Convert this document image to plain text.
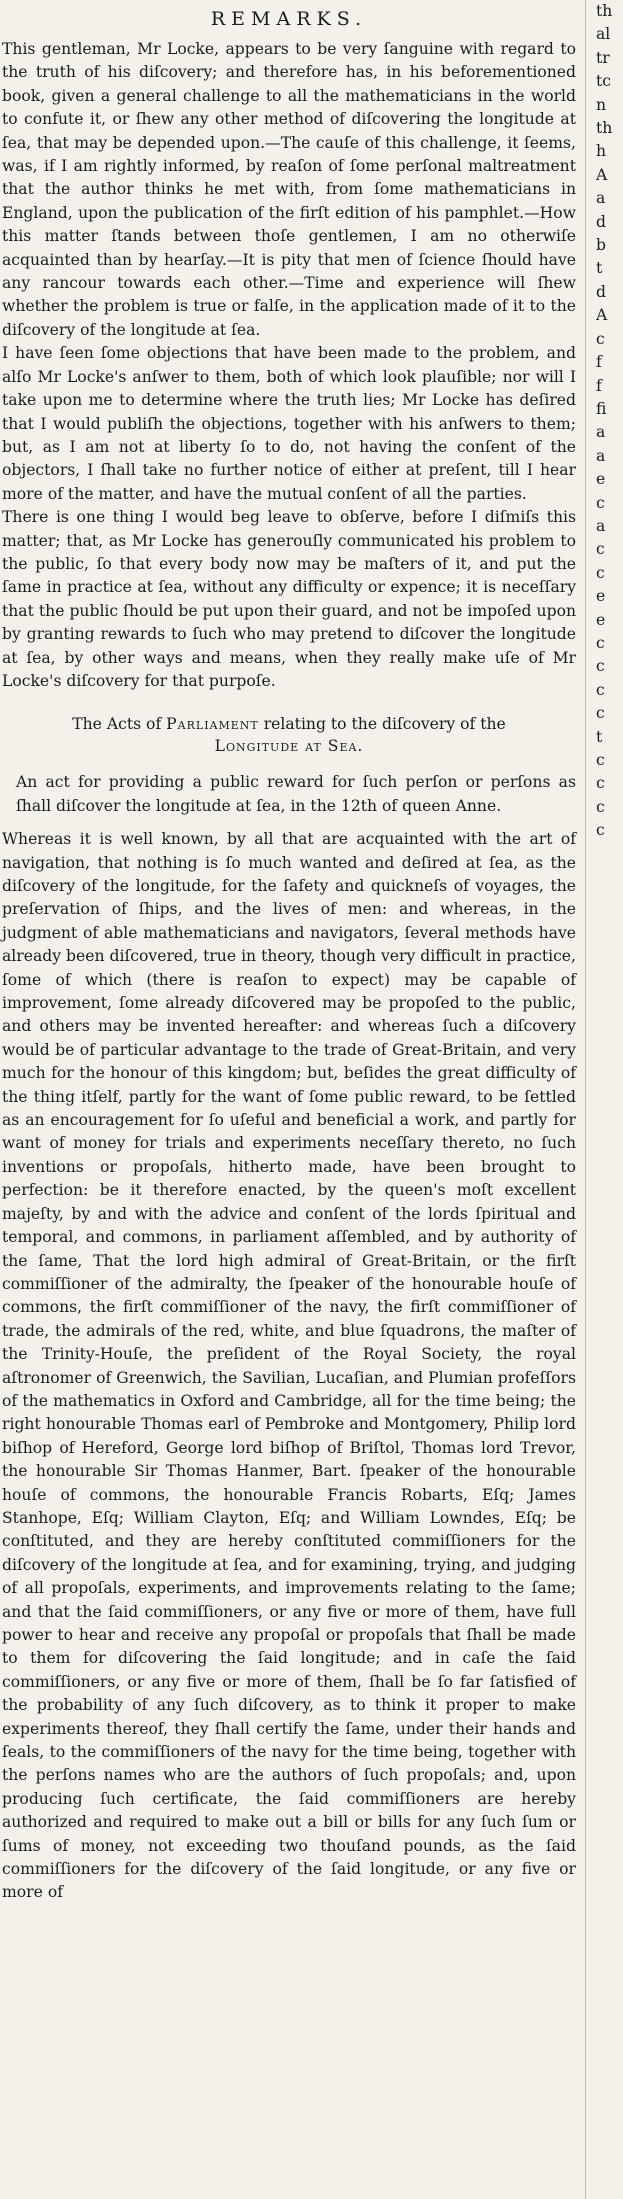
REMARKS.

This gentleman, Mr Locke, appears to be very ſanguine with regard to the truth of his diſcovery; and therefore has, in his beforementioned book, given a general challenge to all the mathematicians in the world to confute it, or ſhew any other method of diſcovering the longitude at ſea, that may be depended upon.—The cauſe of this challenge, it ſeems, was, if I am rightly informed, by reaſon of ſome perſonal maltreatment that the author thinks he met with, from ſome mathematicians in England, upon the publication of the firſt edition of his pamphlet.—How this matter ſtands between thoſe gentlemen, I am no otherwiſe acquainted than by hearſay.—It is pity that men of ſcience ſhould have any rancour towards each other.—Time and experience will ſhew whether the problem is true or falſe, in the application made of it to the diſcovery of the longitude at ſea.

I have ſeen ſome objections that have been made to the problem, and alſo Mr Locke's anſwer to them, both of which look plauſible; nor will I take upon me to determine where the truth lies; Mr Locke has deſired that I would publiſh the objections, together with his anſwers to them; but, as I am not at liberty ſo to do, not having the conſent of the objectors, I ſhall take no further notice of either at preſent, till I hear more of the matter, and have the mutual conſent of all the parties.

There is one thing I would beg leave to obſerve, before I diſmiſs this matter; that, as Mr Locke has generouſly communicated his problem to the public, ſo that every body now may be maſters of it, and put the ſame in practice at ſea, without any difficulty or expence; it is neceſſary that the public ſhould be put upon their guard, and not be impoſed upon by granting rewards to ſuch who may pretend to diſcover the longitude at ſea, by other ways and means, when they really make uſe of Mr Locke's diſcovery for that purpoſe.

The Acts of Parliament relating to the diſcovery of the
Longitude at Sea.

An act for providing a public reward for ſuch perſon or perſons as ſhall diſcover the longitude at ſea, in the 12th of queen Anne.

Whereas it is well known, by all that are acquainted with the art of navigation, that nothing is ſo much wanted and deſired at ſea, as the diſcovery of the longitude, for the ſafety and quickneſs of voyages, the preſervation of ſhips, and the lives of men: and whereas, in the judgment of able mathematicians and navigators, ſeveral methods have already been diſcovered, true in theory, though very difficult in practice, ſome of which (there is reaſon to expect) may be capable of improvement, ſome already diſcovered may be propoſed to the public, and others may be invented hereafter: and whereas ſuch a diſcovery would be of particular advantage to the trade of Great-Britain, and very much for the honour of this kingdom; but, beſides the great difficulty of the thing itſelf, partly for the want of ſome public reward, to be ſettled as an encouragement for ſo uſeful and beneficial a work, and partly for want of money for trials and experiments neceſſary thereto, no ſuch inventions or propoſals, hitherto made, have been brought to perfection: be it therefore enacted, by the queen's moſt excellent majeſty, by and with the advice and conſent of the lords ſpiritual and temporal, and commons, in parliament aſſembled, and by authority of the ſame, That the lord high admiral of Great-Britain, or the firſt commiſſioner of the admiralty, the ſpeaker of the honourable houſe of commons, the firſt commiſſioner of the navy, the firſt commiſſioner of trade, the admirals of the red, white, and blue ſquadrons, the maſter of the Trinity-Houſe, the preſident of the Royal Society, the royal aſtronomer of Greenwich, the Savilian, Lucaſian, and Plumian profeſſors of the mathematics in Oxford and Cambridge, all for the time being; the right honourable Thomas earl of Pembroke and Montgomery, Philip lord biſhop of Hereford, George lord biſhop of Briſtol, Thomas lord Trevor, the honourable Sir Thomas Hanmer, Bart. ſpeaker of the honourable houſe of commons, the honourable Francis Robarts, Eſq; James Stanhope, Eſq; William Clayton, Eſq; and William Lowndes, Eſq; be conſtituted, and they are hereby conſtituted commiſſioners for the diſcovery of the longitude at ſea, and for examining, trying, and judging of all propoſals, experiments, and improvements relating to the ſame; and that the ſaid commiſſioners, or any five or more of them, have full power to hear and receive any propoſal or propoſals that ſhall be made to them for diſcovering the ſaid longitude; and in caſe the ſaid commiſſioners, or any five or more of them, ſhall be ſo far ſatisfied of the probability of any ſuch diſcovery, as to think it proper to make experiments thereof, they ſhall certify the ſame, under their hands and ſeals, to the commiſſioners of the navy for the time being, together with the perſons names who are the authors of ſuch propoſals; and, upon producing ſuch certificate, the ſaid commiſſioners are hereby authorized and required to make out a bill or bills for any ſuch ſum or ſums of money, not exceeding two thouſand pounds, as the ſaid commiſſioners for the diſcovery of the ſaid longitude, or any five or more of

th
al
tr
tc
n
th
h
A
a
d
b
t
d
A
c
f
f
fi
a
a
e
c
a
c
c
e
e
c
c
c
c
t
c
c
c
c
